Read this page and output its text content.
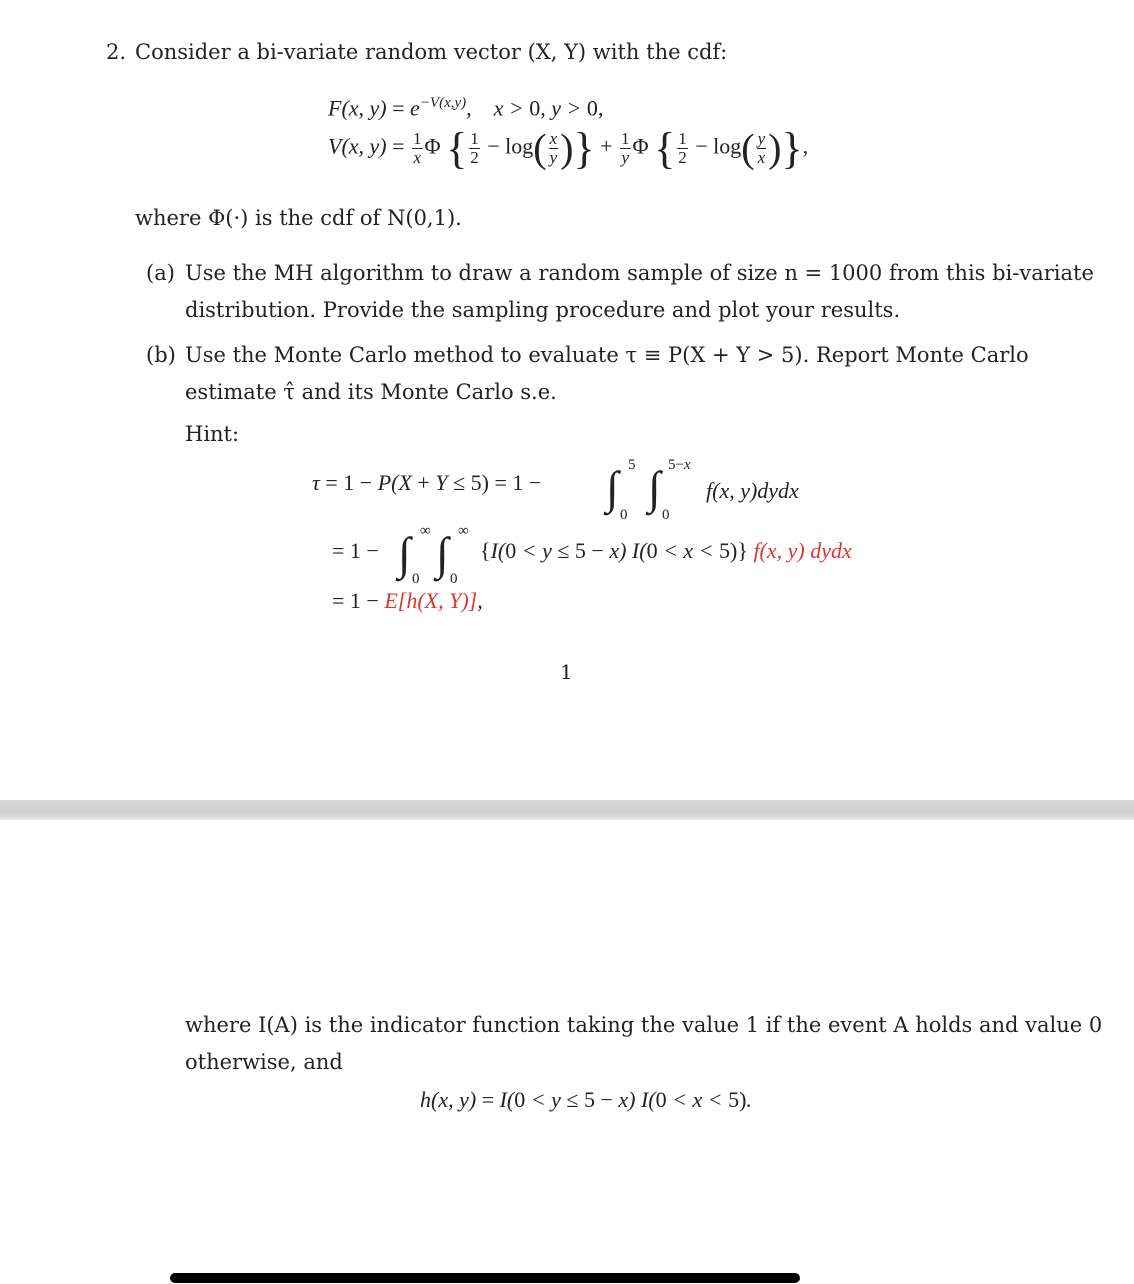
2. Consider a bi-variate random vector (X, Y) with the cdf:
F(x, $y) = e^{-V(x,y)}$,    x > 0, y > 0,
V(x, $y) = \frac{1}{x}$ Φ { $\frac{1}{2} - \log( \frac{x}{y}$ )} + $\frac{1}{y}$ Φ { $\frac{1}{2} - \log( \frac{y}{x}$ )},
where Φ(·) is the cdf of N(0,1).
(a) Use the MH algorithm to draw a random sample of size n = 1000 from this bi-variate
distribution. Provide the sampling procedure and plot your results.
(b) Use the Monte Carlo method to evaluate τ ≡ P(X + Y > 5). Report Monte Carlo
estimate τ̂ and its Monte Carlo s.e.
Hint:
τ = 1 − P(X + Y ≤ 5) = 1 − ∫ 5
0
∫ 5−x
0
f(x, y)dydx
= 1 − ∫ ∞
0 ∫ ∞
0
{I(0 < y ≤ 5 − x) I(0 < x < 5)} f(x, y) dydx
= 1 − E[h(X, Y)],
1
where I(A) is the indicator function taking the value 1 if the event A holds and value 0
otherwise, and
h(x, y) = I(0 < y ≤ 5 − x) I(0 < x < 5).
